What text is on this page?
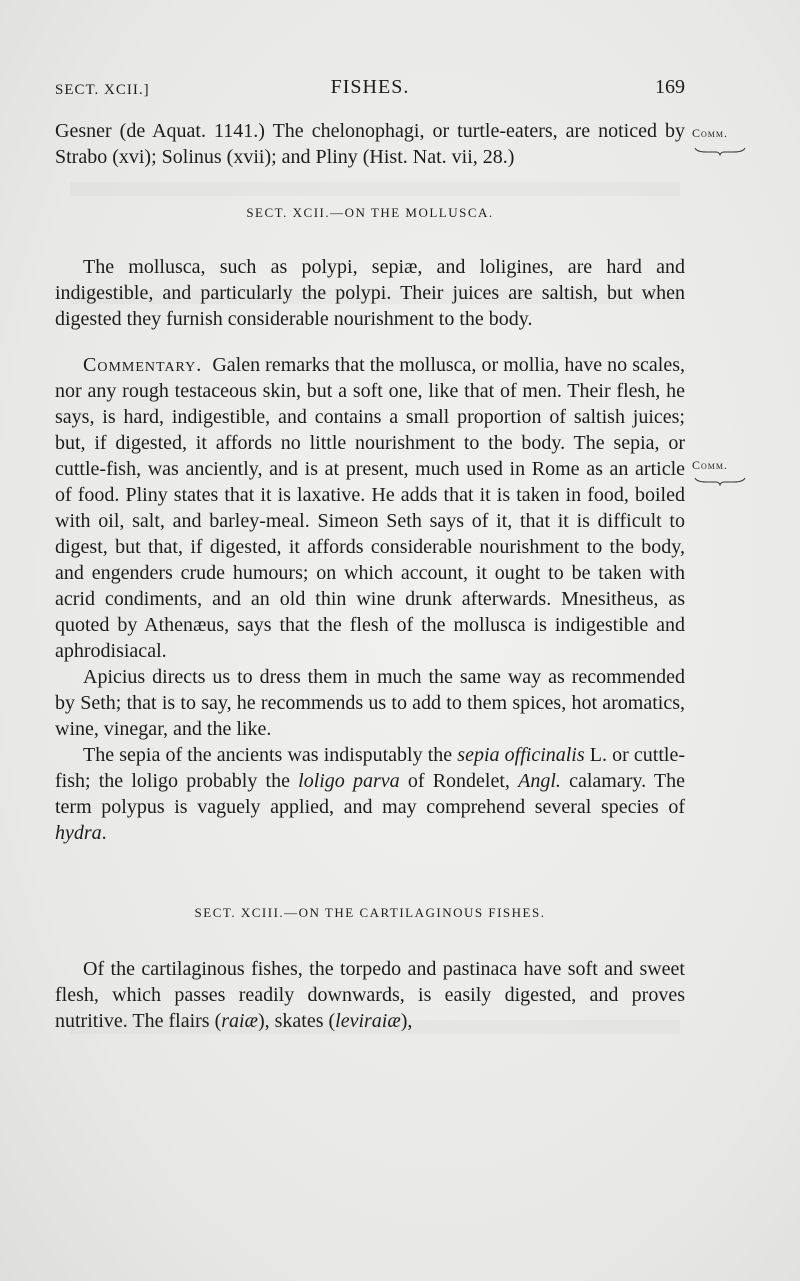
SECT. XCII.]	FISHES.	169
Comm.
Comm.

Gesner (de Aquat. 1141.) The chelonophagi, or turtle-eaters, are noticed by Strabo (xvi); Solinus (xvii); and Pliny (Hist. Nat. vii, 28.)

SECT. XCII.—ON THE MOLLUSCA.

The mollusca, such as polypi, sepiæ, and loligines, are hard and indigestible, and particularly the polypi. Their juices are saltish, but when digested they furnish considerable nourishment to the body.

Commentary. Galen remarks that the mollusca, or mollia, have no scales, nor any rough testaceous skin, but a soft one, like that of men. Their flesh, he says, is hard, indigestible, and contains a small proportion of saltish juices; but, if digested, it affords no little nourishment to the body. The sepia, or cuttle-fish, was anciently, and is at present, much used in Rome as an article of food. Pliny states that it is laxative. He adds that it is taken in food, boiled with oil, salt, and barley-meal. Simeon Seth says of it, that it is difficult to digest, but that, if digested, it affords considerable nourishment to the body, and engenders crude humours; on which account, it ought to be taken with acrid condiments, and an old thin wine drunk afterwards. Mnesitheus, as quoted by Athenæus, says that the flesh of the mollusca is indigestible and aphrodisiacal.

Apicius directs us to dress them in much the same way as recommended by Seth; that is to say, he recommends us to add to them spices, hot aromatics, wine, vinegar, and the like.

The sepia of the ancients was indisputably the sepia officinalis L. or cuttle-fish; the loligo probably the loligo parva of Rondelet, Angl. calamary. The term polypus is vaguely applied, and may comprehend several species of hydra.

SECT. XCIII.—ON THE CARTILAGINOUS FISHES.

Of the cartilaginous fishes, the torpedo and pastinaca have soft and sweet flesh, which passes readily downwards, is easily digested, and proves nutritive. The flairs (raiæ), skates (leviraiæ),
